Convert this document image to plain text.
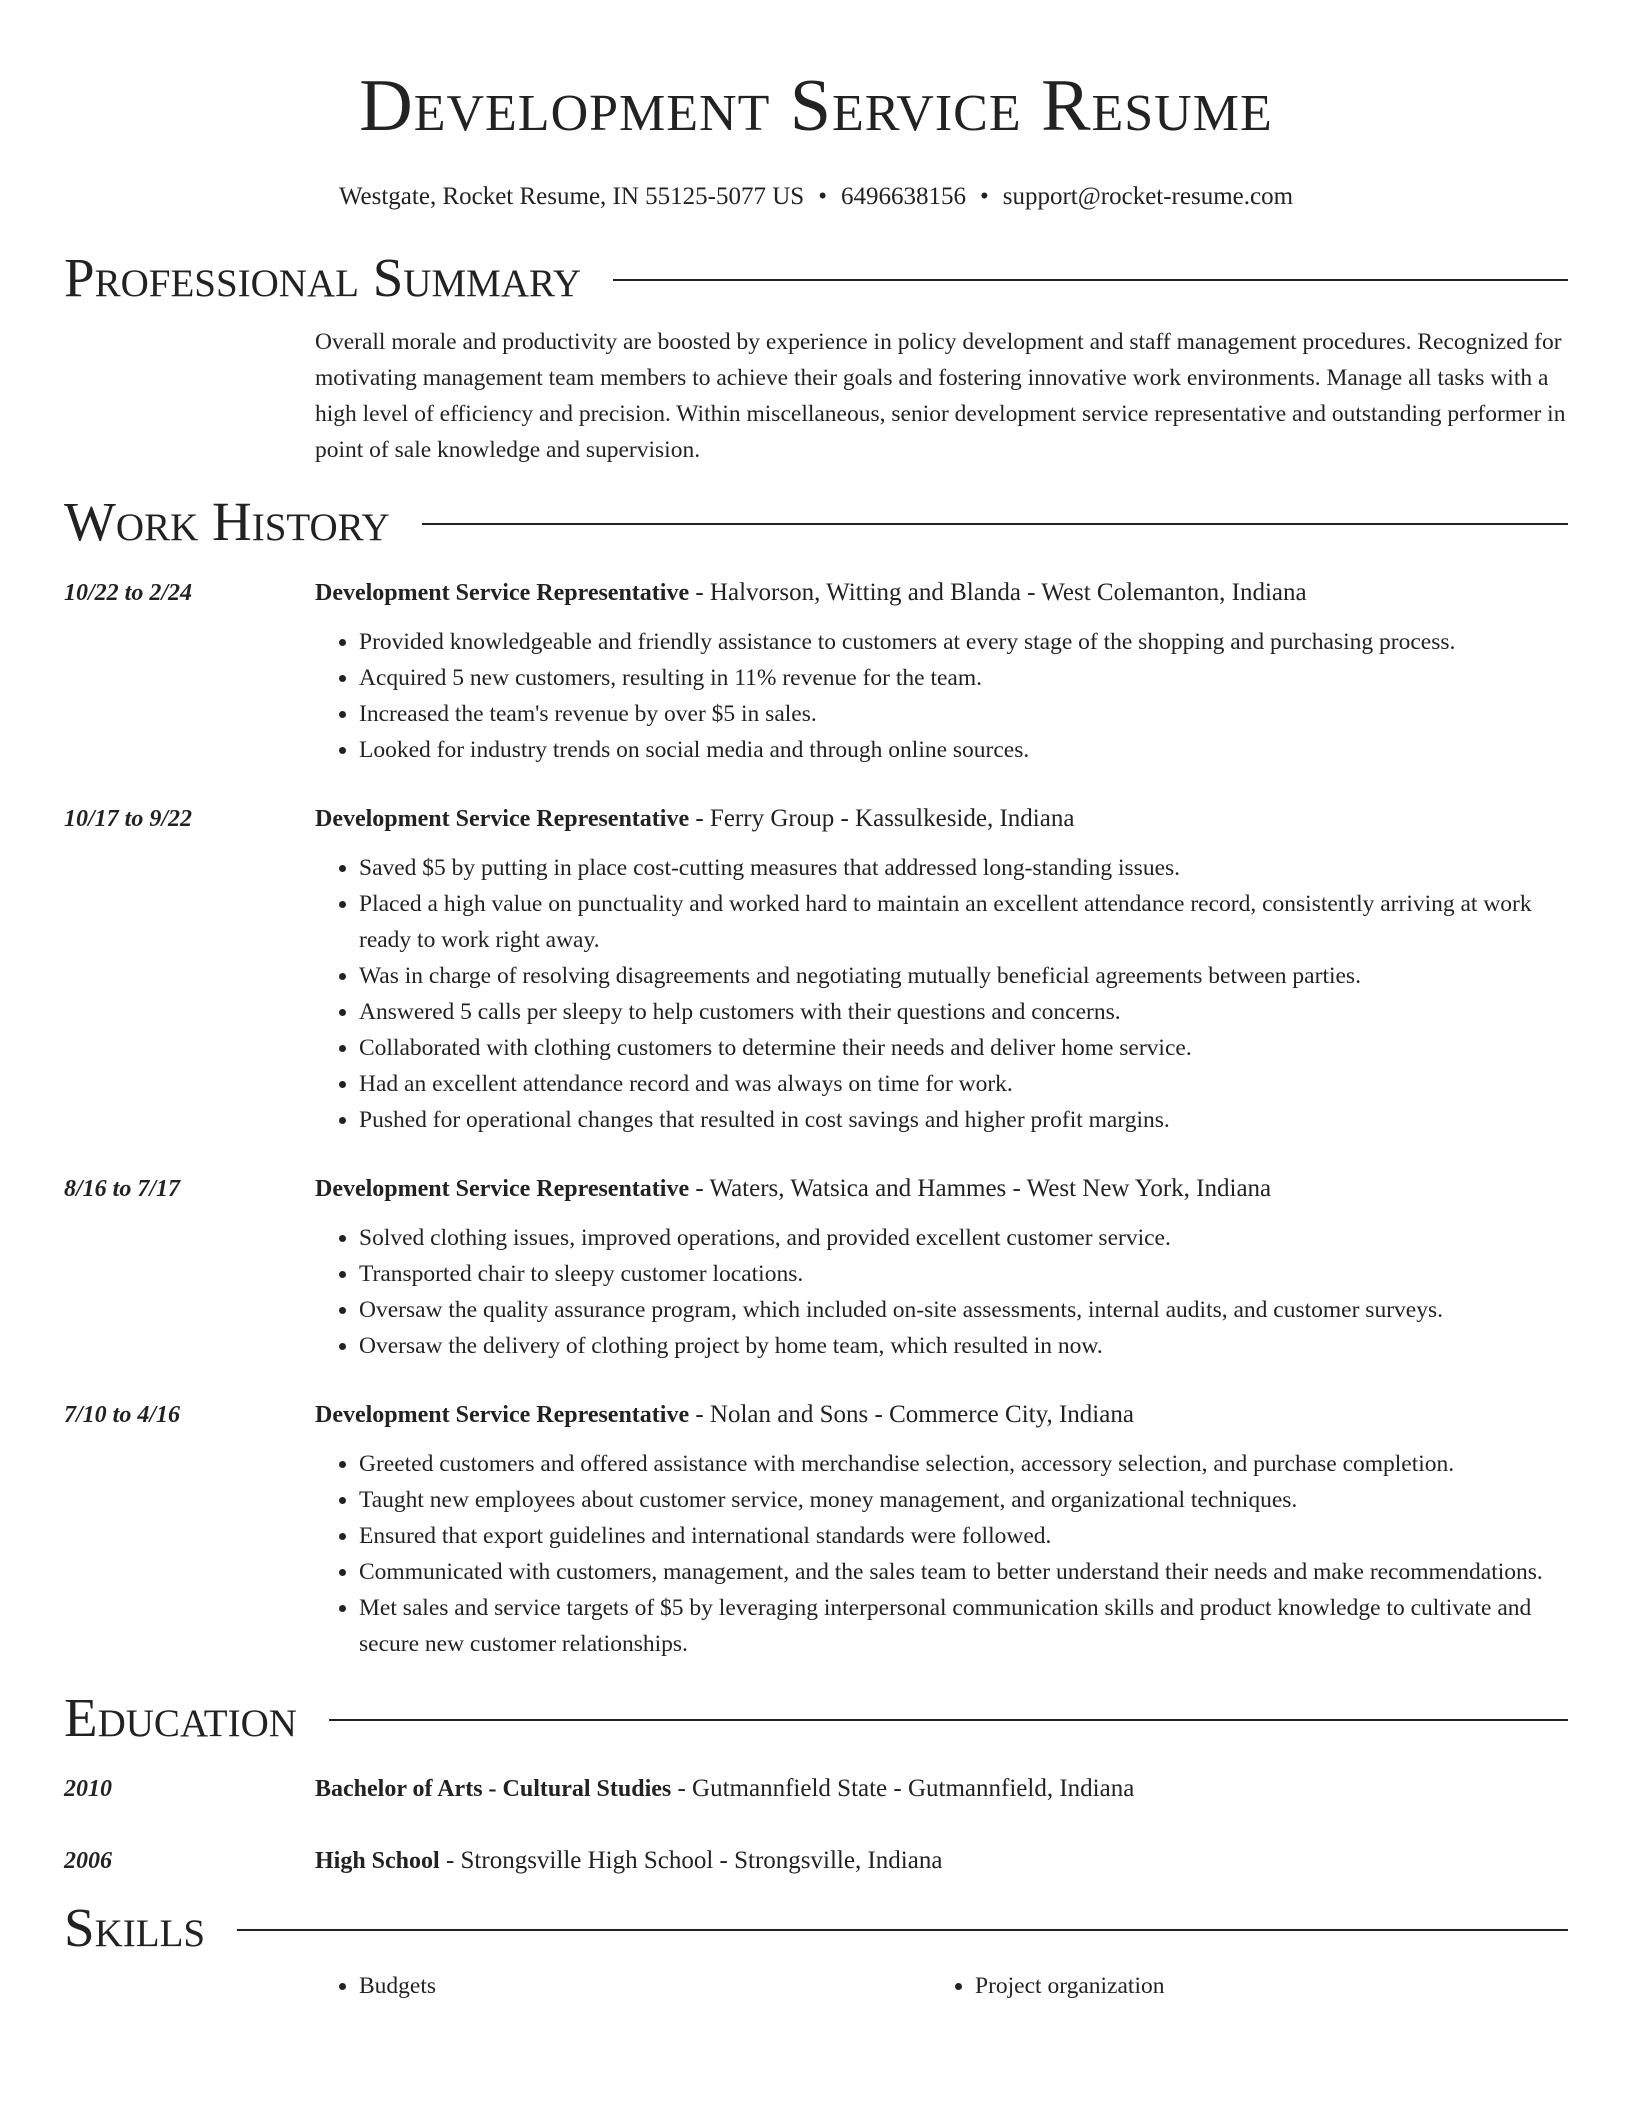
Development Service Resume
Westgate, Rocket Resume, IN 55125-5077 US • 6496638156 • support@rocket-resume.com
Professional Summary
Overall morale and productivity are boosted by experience in policy development and staff management procedures. Recognized for motivating management team members to achieve their goals and fostering innovative work environments. Manage all tasks with a high level of efficiency and precision. Within miscellaneous, senior development service representative and outstanding performer in point of sale knowledge and supervision.
Work History
10/22 to 2/24	Development Service Representative - Halvorson, Witting and Blanda - West Colemanton, Indiana
• Provided knowledgeable and friendly assistance to customers at every stage of the shopping and purchasing process.
• Acquired 5 new customers, resulting in 11% revenue for the team.
• Increased the team's revenue by over $5 in sales.
• Looked for industry trends on social media and through online sources.
10/17 to 9/22	Development Service Representative - Ferry Group - Kassulkeside, Indiana
• Saved $5 by putting in place cost-cutting measures that addressed long-standing issues.
• Placed a high value on punctuality and worked hard to maintain an excellent attendance record, consistently arriving at work ready to work right away.
• Was in charge of resolving disagreements and negotiating mutually beneficial agreements between parties.
• Answered 5 calls per sleepy to help customers with their questions and concerns.
• Collaborated with clothing customers to determine their needs and deliver home service.
• Had an excellent attendance record and was always on time for work.
• Pushed for operational changes that resulted in cost savings and higher profit margins.
8/16 to 7/17	Development Service Representative - Waters, Watsica and Hammes - West New York, Indiana
• Solved clothing issues, improved operations, and provided excellent customer service.
• Transported chair to sleepy customer locations.
• Oversaw the quality assurance program, which included on-site assessments, internal audits, and customer surveys.
• Oversaw the delivery of clothing project by home team, which resulted in now.
7/10 to 4/16	Development Service Representative - Nolan and Sons - Commerce City, Indiana
• Greeted customers and offered assistance with merchandise selection, accessory selection, and purchase completion.
• Taught new employees about customer service, money management, and organizational techniques.
• Ensured that export guidelines and international standards were followed.
• Communicated with customers, management, and the sales team to better understand their needs and make recommendations.
• Met sales and service targets of $5 by leveraging interpersonal communication skills and product knowledge to cultivate and secure new customer relationships.
Education
2010	Bachelor of Arts - Cultural Studies - Gutmannfield State - Gutmannfield, Indiana
2006	High School - Strongsville High School - Strongsville, Indiana
Skills
• Budgets
•	Project organization
